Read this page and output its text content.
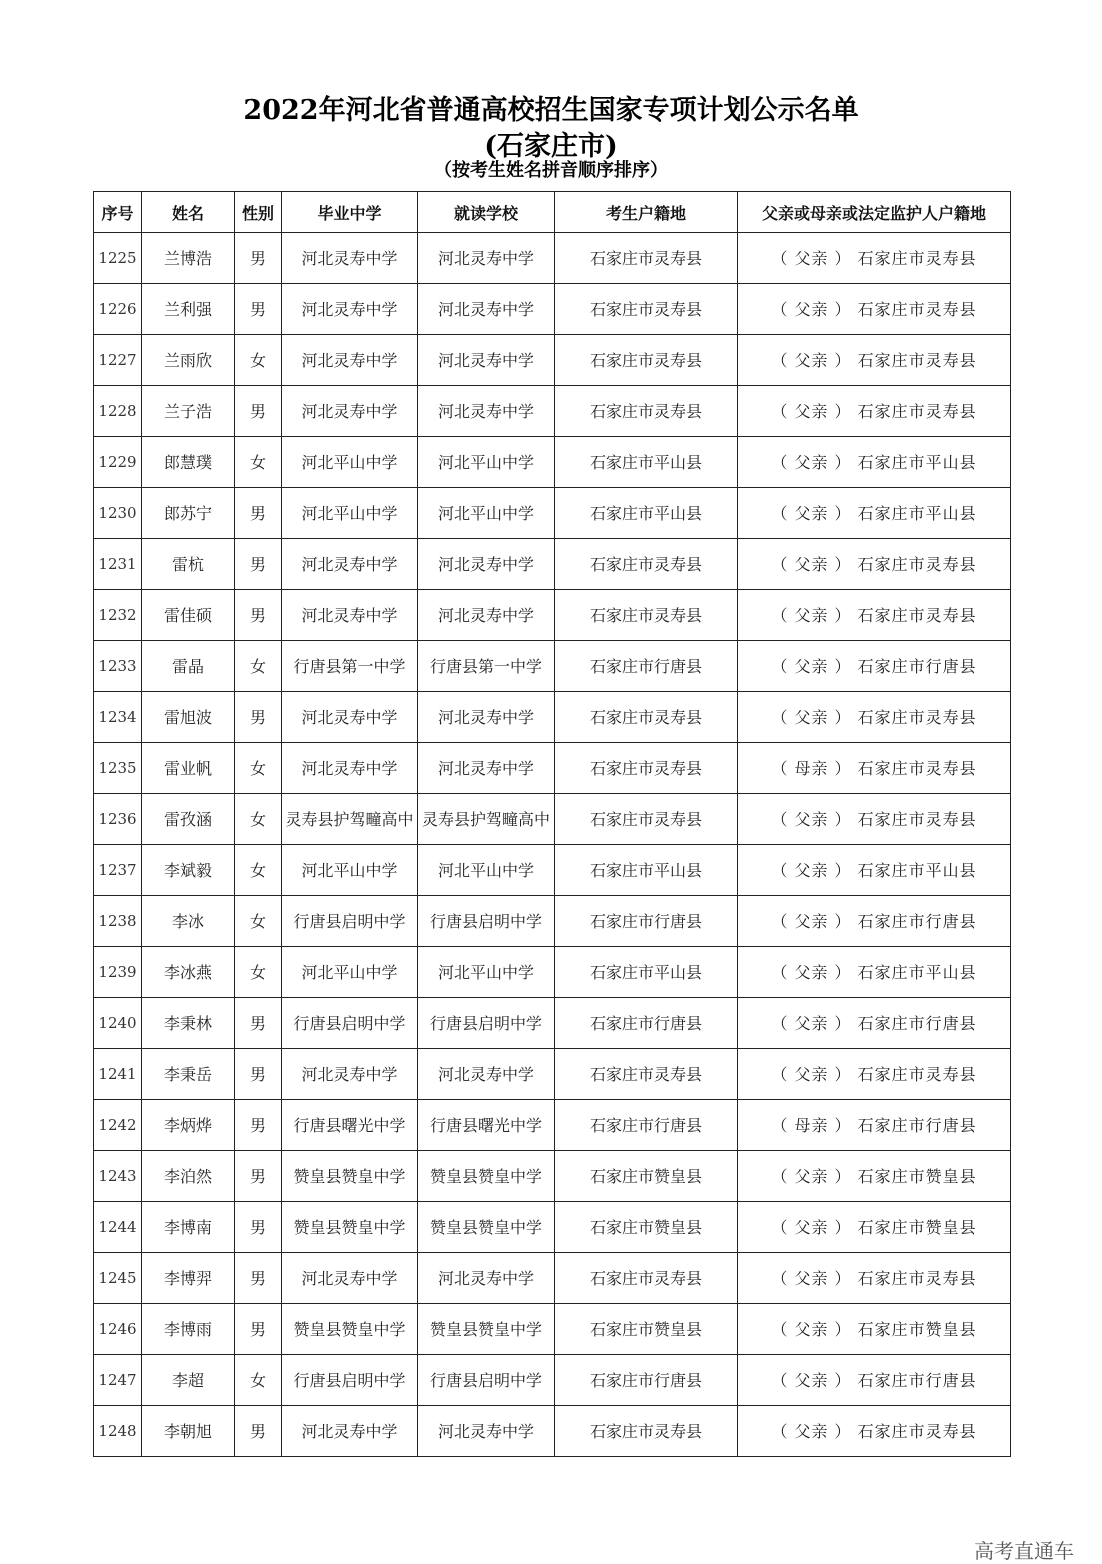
2022年河北省普通高校招生国家专项计划公示名单
(石家庄市)
（按考生姓名拼音顺序排序）
序号	姓名	性别	毕业中学	就读学校	考生户籍地	父亲或母亲或法定监护人户籍地
1225	兰博浩	男	河北灵寿中学	河北灵寿中学	石家庄市灵寿县	（ 父亲 ） 石家庄市灵寿县
1226	兰利强	男	河北灵寿中学	河北灵寿中学	石家庄市灵寿县	（ 父亲 ） 石家庄市灵寿县
1227	兰雨欣	女	河北灵寿中学	河北灵寿中学	石家庄市灵寿县	（ 父亲 ） 石家庄市灵寿县
1228	兰子浩	男	河北灵寿中学	河北灵寿中学	石家庄市灵寿县	（ 父亲 ） 石家庄市灵寿县
1229	郎慧璞	女	河北平山中学	河北平山中学	石家庄市平山县	（ 父亲 ） 石家庄市平山县
1230	郎苏宁	男	河北平山中学	河北平山中学	石家庄市平山县	（ 父亲 ） 石家庄市平山县
1231	雷杭	男	河北灵寿中学	河北灵寿中学	石家庄市灵寿县	（ 父亲 ） 石家庄市灵寿县
1232	雷佳硕	男	河北灵寿中学	河北灵寿中学	石家庄市灵寿县	（ 父亲 ） 石家庄市灵寿县
1233	雷晶	女	行唐县第一中学	行唐县第一中学	石家庄市行唐县	（ 父亲 ） 石家庄市行唐县
1234	雷旭波	男	河北灵寿中学	河北灵寿中学	石家庄市灵寿县	（ 父亲 ） 石家庄市灵寿县
1235	雷业帆	女	河北灵寿中学	河北灵寿中学	石家庄市灵寿县	（ 母亲 ） 石家庄市灵寿县
1236	雷孜涵	女	灵寿县护驾疃高中	灵寿县护驾疃高中	石家庄市灵寿县	（ 父亲 ） 石家庄市灵寿县
1237	李斌毅	女	河北平山中学	河北平山中学	石家庄市平山县	（ 父亲 ） 石家庄市平山县
1238	李冰	女	行唐县启明中学	行唐县启明中学	石家庄市行唐县	（ 父亲 ） 石家庄市行唐县
1239	李冰燕	女	河北平山中学	河北平山中学	石家庄市平山县	（ 父亲 ） 石家庄市平山县
1240	李秉林	男	行唐县启明中学	行唐县启明中学	石家庄市行唐县	（ 父亲 ） 石家庄市行唐县
1241	李秉岳	男	河北灵寿中学	河北灵寿中学	石家庄市灵寿县	（ 父亲 ） 石家庄市灵寿县
1242	李炳烨	男	行唐县曙光中学	行唐县曙光中学	石家庄市行唐县	（ 母亲 ） 石家庄市行唐县
1243	李泊然	男	赞皇县赞皇中学	赞皇县赞皇中学	石家庄市赞皇县	（ 父亲 ） 石家庄市赞皇县
1244	李博南	男	赞皇县赞皇中学	赞皇县赞皇中学	石家庄市赞皇县	（ 父亲 ） 石家庄市赞皇县
1245	李博羿	男	河北灵寿中学	河北灵寿中学	石家庄市灵寿县	（ 父亲 ） 石家庄市灵寿县
1246	李博雨	男	赞皇县赞皇中学	赞皇县赞皇中学	石家庄市赞皇县	（ 父亲 ） 石家庄市赞皇县
1247	李超	女	行唐县启明中学	行唐县启明中学	石家庄市行唐县	（ 父亲 ） 石家庄市行唐县
1248	李朝旭	男	河北灵寿中学	河北灵寿中学	石家庄市灵寿县	（ 父亲 ） 石家庄市灵寿县
高考直通车
